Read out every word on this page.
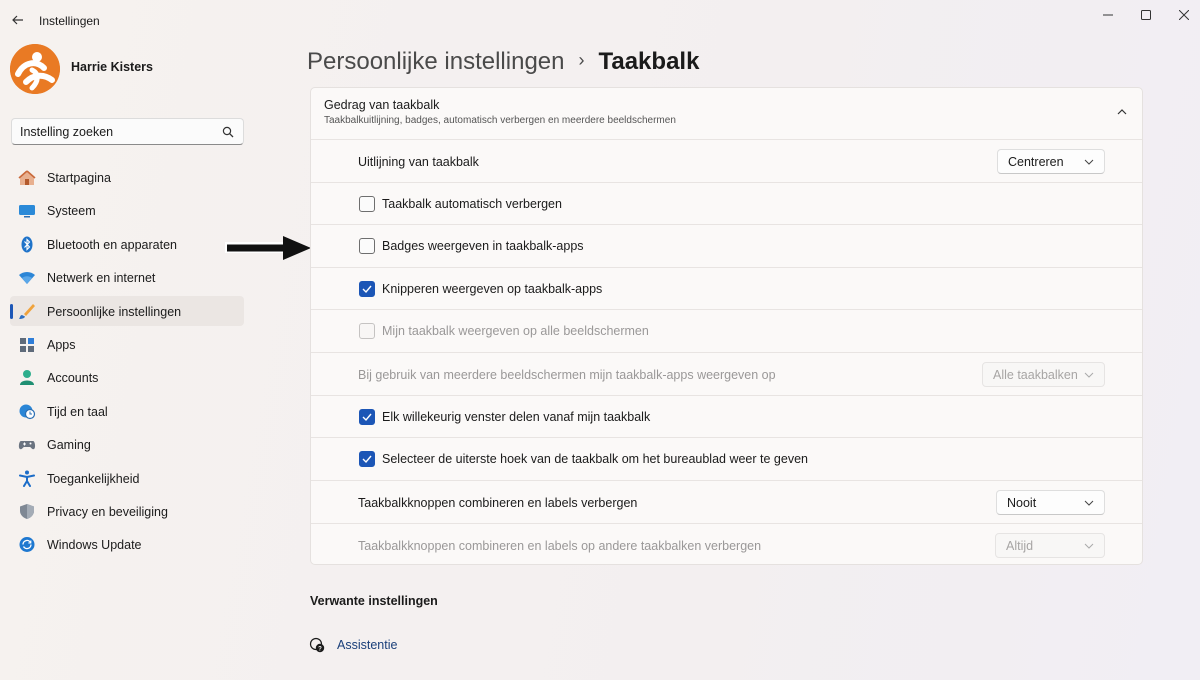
Instellingen
Harrie Kisters
Instelling zoeken
Startpagina
Systeem
Bluetooth en apparaten
Netwerk en internet
Persoonlijke instellingen
Apps
Accounts
Tijd en taal
Gaming
Toegankelijkheid
Privacy en beveiliging
Windows Update
Persoonlijke instellingen › Taakbalk
Gedrag van taakbalk
Taakbalkuitlijning, badges, automatisch verbergen en meerdere beeldschermen
Uitlijning van taakbalk	Centreren
Taakbalk automatisch verbergen
Badges weergeven in taakbalk-apps
Knipperen weergeven op taakbalk-apps
Mijn taakbalk weergeven op alle beeldschermen
Bij gebruik van meerdere beeldschermen mijn taakbalk-apps weergeven op	Alle taakbalken
Elk willekeurig venster delen vanaf mijn taakbalk
Selecteer de uiterste hoek van de taakbalk om het bureaublad weer te geven
Taakbalkknoppen combineren en labels verbergen	Nooit
Taakbalkknoppen combineren en labels op andere taakbalken verbergen	Altijd
Verwante instellingen
? Assistentie
